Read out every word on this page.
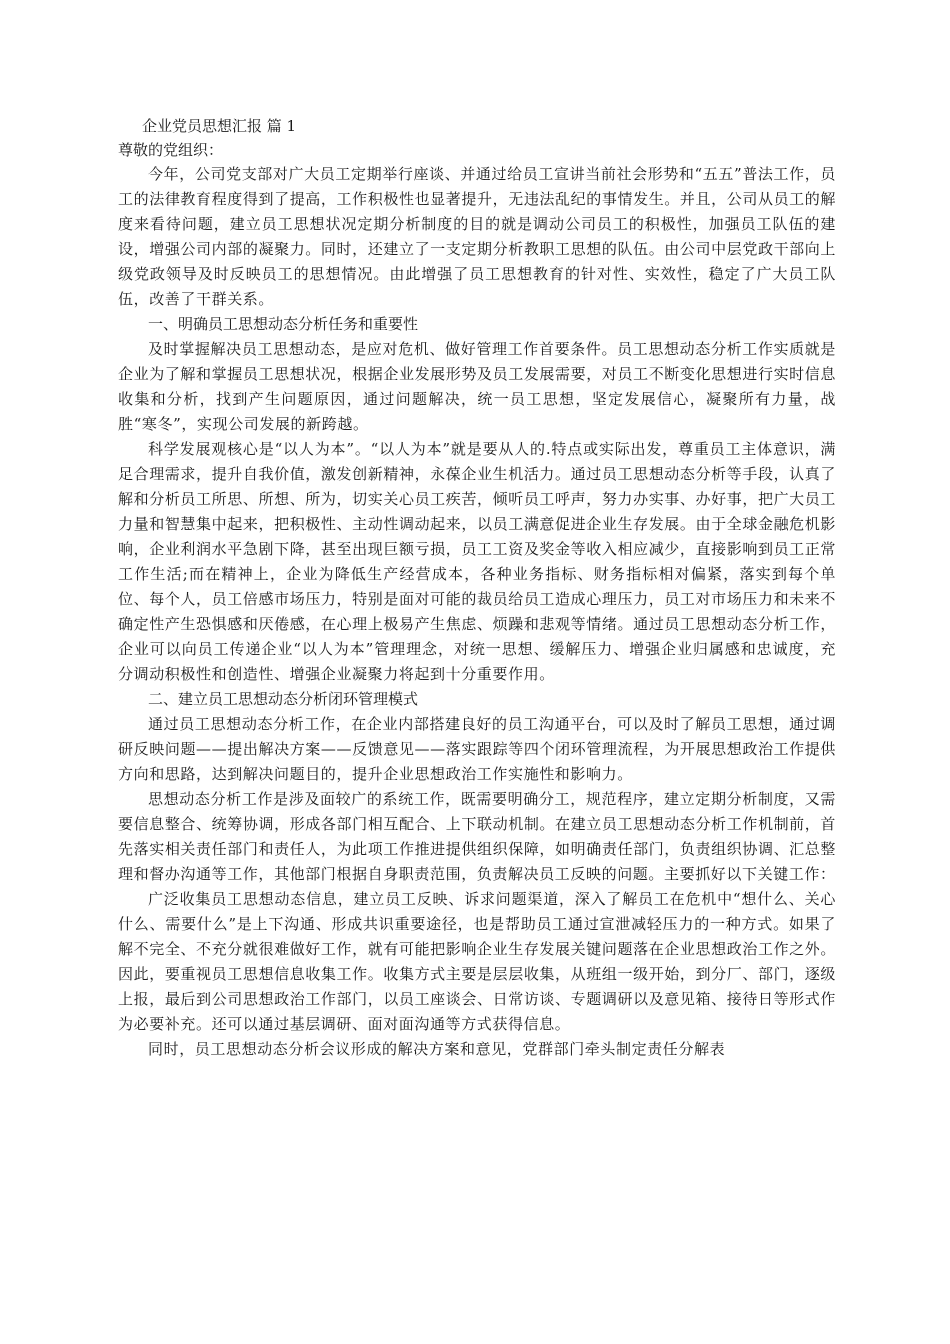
企业党员思想汇报 篇 1

尊敬的党组织：

今年，公司党支部对广大员工定期举行座谈、并通过给员工宣讲当前社会形势和“五五”普法工作，员工的法律教育程度得到了提高，工作积极性也显著提升，无违法乱纪的事情发生。并且，公司从员工的解度来看待问题，建立员工思想状况定期分析制度的目的就是调动公司员工的积极性，加强员工队伍的建设，增强公司内部的凝聚力。同时，还建立了一支定期分析教职工思想的队伍。由公司中层党政干部向上级党政领导及时反映员工的思想情况。由此增强了员工思想教育的针对性、实效性，稳定了广大员工队伍，改善了干群关系。

一、明确员工思想动态分析任务和重要性

及时掌握解决员工思想动态，是应对危机、做好管理工作首要条件。员工思想动态分析工作实质就是企业为了解和掌握员工思想状况，根据企业发展形势及员工发展需要，对员工不断变化思想进行实时信息收集和分析，找到产生问题原因，通过问题解决，统一员工思想，坚定发展信心，凝聚所有力量，战胜“寒冬”，实现公司发展的新跨越。

科学发展观核心是“以人为本”。“以人为本”就是要从人的.特点或实际出发，尊重员工主体意识，满足合理需求，提升自我价值，激发创新精神，永葆企业生机活力。通过员工思想动态分析等手段，认真了解和分析员工所思、所想、所为，切实关心员工疾苦，倾听员工呼声，努力办实事、办好事，把广大员工力量和智慧集中起来，把积极性、主动性调动起来，以员工满意促进企业生存发展。由于全球金融危机影响，企业利润水平急剧下降，甚至出现巨额亏损，员工工资及奖金等收入相应减少，直接影响到员工正常工作生活;而在精神上，企业为降低生产经营成本，各种业务指标、财务指标相对偏紧，落实到每个单位、每个人，员工倍感市场压力，特别是面对可能的裁员给员工造成心理压力，员工对市场压力和未来不确定性产生恐惧感和厌倦感，在心理上极易产生焦虑、烦躁和悲观等情绪。通过员工思想动态分析工作，企业可以向员工传递企业“以人为本”管理理念，对统一思想、缓解压力、增强企业归属感和忠诚度，充分调动积极性和创造性、增强企业凝聚力将起到十分重要作用。

二、建立员工思想动态分析闭环管理模式

通过员工思想动态分析工作，在企业内部搭建良好的员工沟通平台，可以及时了解员工思想，通过调研反映问题——提出解决方案——反馈意见——落实跟踪等四个闭环管理流程，为开展思想政治工作提供方向和思路，达到解决问题目的，提升企业思想政治工作实施性和影响力。

思想动态分析工作是涉及面较广的系统工作，既需要明确分工，规范程序，建立定期分析制度，又需要信息整合、统筹协调，形成各部门相互配合、上下联动机制。在建立员工思想动态分析工作机制前，首先落实相关责任部门和责任人，为此项工作推进提供组织保障，如明确责任部门，负责组织协调、汇总整理和督办沟通等工作，其他部门根据自身职责范围，负责解决员工反映的问题。主要抓好以下关键工作：

广泛收集员工思想动态信息，建立员工反映、诉求问题渠道，深入了解员工在危机中“想什么、关心什么、需要什么”是上下沟通、形成共识重要途径，也是帮助员工通过宣泄减轻压力的一种方式。如果了解不完全、不充分就很难做好工作，就有可能把影响企业生存发展关键问题落在企业思想政治工作之外。因此，要重视员工思想信息收集工作。收集方式主要是层层收集，从班组一级开始，到分厂、部门，逐级上报，最后到公司思想政治工作部门，以员工座谈会、日常访谈、专题调研以及意见箱、接待日等形式作为必要补充。还可以通过基层调研、面对面沟通等方式获得信息。

同时，员工思想动态分析会议形成的解决方案和意见，党群部门牵头制定责任分解表
